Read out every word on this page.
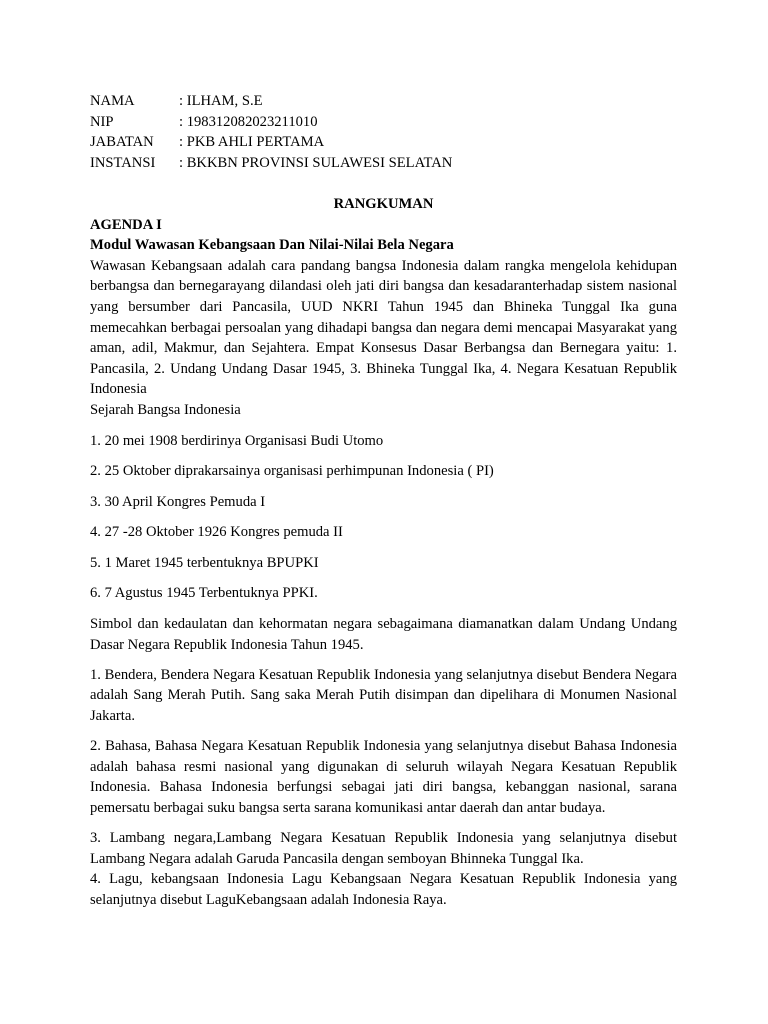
NAMA	: ILHAM, S.E
NIP	: 198312082023211010
JABATAN	: PKB AHLI PERTAMA
INSTANSI	: BKKBN PROVINSI SULAWESI SELATAN
RANGKUMAN
AGENDA I
Modul Wawasan Kebangsaan Dan Nilai-Nilai Bela Negara

Wawasan Kebangsaan adalah cara pandang bangsa Indonesia dalam rangka mengelola kehidupan berbangsa dan bernegarayang dilandasi oleh jati diri bangsa dan kesadaranterhadap sistem nasional yang bersumber dari Pancasila, UUD NKRI Tahun 1945 dan Bhineka Tunggal Ika guna memecahkan berbagai persoalan yang dihadapi bangsa dan negara demi mencapai Masyarakat yang aman, adil, Makmur, dan Sejahtera. Empat Konsesus Dasar Berbangsa dan Bernegara yaitu: 1. Pancasila, 2. Undang Undang Dasar 1945, 3. Bhineka Tunggal Ika, 4. Negara Kesatuan Republik Indonesia

Sejarah Bangsa Indonesia

1. 20 mei 1908 berdirinya Organisasi Budi Utomo

2. 25 Oktober diprakarsainya organisasi perhimpunan Indonesia ( PI)

3. 30 April Kongres Pemuda I

4. 27 -28 Oktober 1926 Kongres pemuda II

5. 1 Maret 1945 terbentuknya BPUPKI

6. 7 Agustus 1945 Terbentuknya PPKI.

Simbol dan kedaulatan dan kehormatan negara sebagaimana diamanatkan dalam Undang Undang Dasar Negara Republik Indonesia Tahun 1945.

1. Bendera, Bendera Negara Kesatuan Republik Indonesia yang selanjutnya disebut Bendera Negara adalah Sang Merah Putih. Sang saka Merah Putih disimpan dan dipelihara di Monumen Nasional Jakarta.

2. Bahasa, Bahasa Negara Kesatuan Republik Indonesia yang selanjutnya disebut Bahasa Indonesia adalah bahasa resmi nasional yang digunakan di seluruh wilayah Negara Kesatuan Republik Indonesia. Bahasa Indonesia berfungsi sebagai jati diri bangsa, kebanggan nasional, sarana pemersatu berbagai suku bangsa serta sarana komunikasi antar daerah dan antar budaya.

3. Lambang negara,Lambang Negara Kesatuan Republik Indonesia yang selanjutnya disebut Lambang Negara adalah Garuda Pancasila dengan semboyan Bhinneka Tunggal Ika.

4. Lagu, kebangsaan Indonesia Lagu Kebangsaan Negara Kesatuan Republik Indonesia yang selanjutnya disebut LaguKebangsaan adalah Indonesia Raya.
